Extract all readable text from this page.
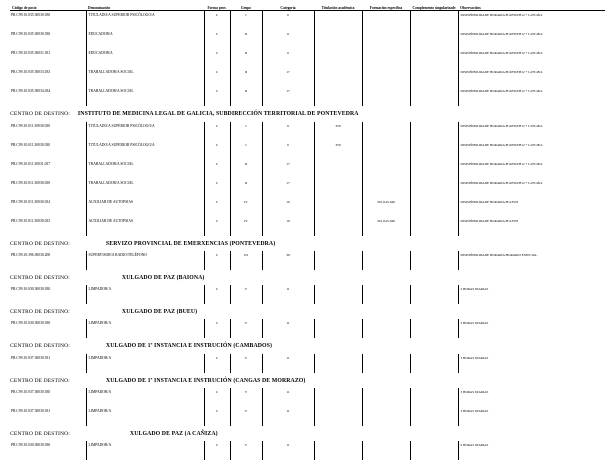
Código de posto	Denominación	Forma prov.	Grupo	Categoría	Titulación académica	Formación específica	Complemento singularizade	Observacións
PR.C99.10.035.30030.030	TITULADO/A SUPERIOR PSICÓLOGO/A	C	I	6				DISPOÑIBILIDADE HORARIA/H10/H18/H12 + L470/48/4.
PR.C99.10.035.30030.030	EDUCADOR/A	C	II	6				DISPOÑIBILIDADE HORARIA/H10/H18/H12 + L470/48/4.
PR.C99.10.035.30031.031	EDUCADOR/A	C	II	6				DISPOÑIBILIDADE HORARIA/H10/H18/H12 + L470/48/4.
PR.C99.10.035.30033.033	TRABALLADOR/A SOCIAL	C	II	17				DISPOÑIBILIDADE HORARIA/H10/H18/H12 + L470/48/4.
PR.C99.10.035.30034.034	TRABALLADOR/A SOCIAL	C	II	17				DISPOÑIBILIDADE HORARIA/H10/H18/H12 + L470/48/4.

CENTRO DE DESTINO: INSTITUTO DE MEDICINA LEGAL DE GALICIA, SUBDIRECCIÓN TERRITORIAL DE PONTEVEDRA								

PR.C99.10.011.30030.030	TITULADO/A SUPERIOR PSICÓLOGO/A	C	I	6	359			DISPOÑIBILIDADE HORARIA/H10/H18/H12 + L470/48/4.
PR.C99.10.011.30030.030	TITULADO/A SUPERIOR PSICÓLOGO/A	C	I	6	359			DISPOÑIBILIDADE HORARIA/H10/H18/H12 + L470/48/4.
PR.C99.10.011.30031.037	TRABALLADOR/A SOCIAL	C	II	17				DISPOÑIBILIDADE HORARIA/H10/H18/H12 + L470/48/4.
PR.C99.10.011.30030.030	TRABALLADOR/A SOCIAL	C	II	17				DISPOÑIBILIDADE HORARIA/H10/H18/H12 + L470/48/4.
PR.C99.10.011.30030.034	AUXILIAR DE AUTOPSIAS	C	IV	10		301-045-046		DISPOÑIBILIDADE HORARIA/H11/H18
PR.C99.10.011.30030.033	AUXILIAR DE AUTOPSIAS	C	IV	10		301-045-046		DISPOÑIBILIDADE HORARIA/H11/H18

CENTRO DE DESTINO: SERVIZO PROVINCIAL DE EMERXENCIAS (PONTEVEDRA)								

PR.C99.10.396.30030.200	SUPERVISOR/A RADIO/TELÉFONO	C	III	38				DISPOÑIBILIDADE HORARIA/HORARIO ESPECIAL.

CENTRO DE DESTINO: XULGADO DE PAZ (BAIONA)								

PR.C99.10.030.30030.030	LIMPADOR/A	C	V	11				2 HORAS DIARIAS

CENTRO DE DESTINO: XULGADO DE PAZ (BUEU)								

PR.C99.10.030.30030.030	LIMPADOR/A	C	V	11				2 HORAS DIARIAS

CENTRO DE DESTINO: XULGADO DE 1ª INSTANCIA E INSTRUCIÓN (CAMBADOS)								

PR.C99.10.037.30030.031	LIMPADOR/A	C	V	11				3 HORAS DIARIAS

CENTRO DE DESTINO: XULGADO DE 1ª INSTANCIA E INSTRUCIÓN (CANGAS DE MORRAZO)								

PR.C99.10.037.30030.030	LIMPADOR/A	C	V	11				3 HORAS DIARIAS
PR.C99.10.037.30030.031	LIMPADOR/A	C	V	11				3 HORAS DIARIAS

CENTRO DE DESTINO: XULGADO DE PAZ (A CAÑIZA)								

PR.C99.10.030.30030.030	LIMPADOR/A	C	V	11				6 HORAS DIARIAS
